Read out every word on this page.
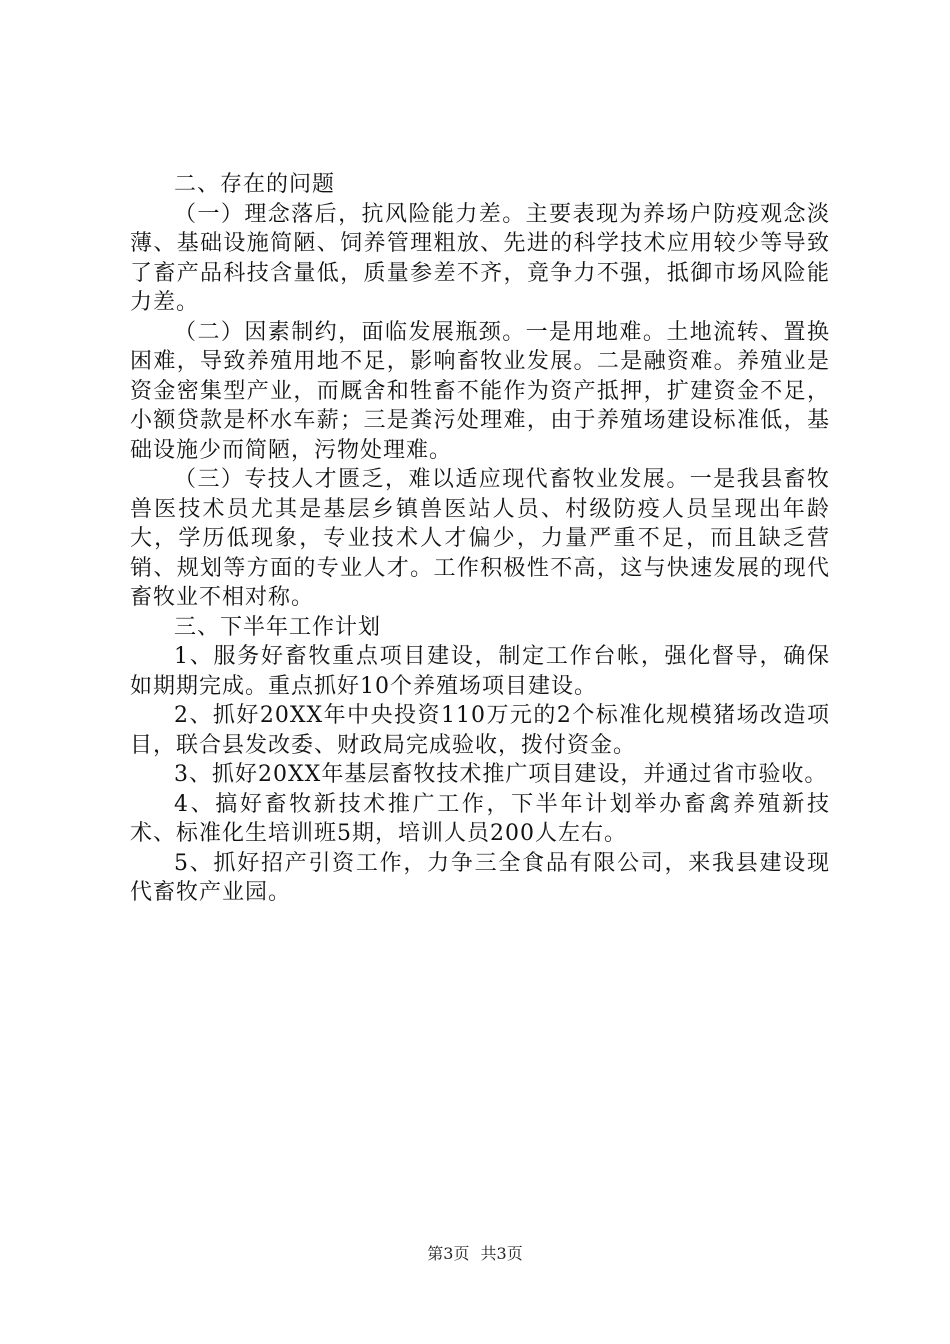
二、存在的问题

（一）理念落后，抗风险能力差。主要表现为养场户防疫观念淡薄、基础设施简陋、饲养管理粗放、先进的科学技术应用较少等导致了畜产品科技含量低，质量参差不齐，竟争力不强，抵御市场风险能力差。

（二）因素制约，面临发展瓶颈。一是用地难。土地流转、置换困难，导致养殖用地不足，影响畜牧业发展。二是融资难。养殖业是资金密集型产业，而厩舍和牲畜不能作为资产抵押，扩建资金不足，小额贷款是杯水车薪；三是粪污处理难，由于养殖场建设标准低，基础设施少而简陋，污物处理难。

（三）专技人才匮乏，难以适应现代畜牧业发展。一是我县畜牧兽医技术员尤其是基层乡镇兽医站人员、村级防疫人员呈现出年龄大，学历低现象，专业技术人才偏少，力量严重不足，而且缺乏营销、规划等方面的专业人才。工作积极性不高，这与快速发展的现代畜牧业不相对称。

三、下半年工作计划

1、服务好畜牧重点项目建设，制定工作台帐，强化督导，确保如期期完成。重点抓好10个养殖场项目建设。

2、抓好20XX年中央投资110万元的2个标准化规模猪场改造项目，联合县发改委、财政局完成验收，拨付资金。

3、抓好20XX年基层畜牧技术推广项目建设，并通过省市验收。

4、搞好畜牧新技术推广工作，下半年计划举办畜禽养殖新技术、标准化生培训班5期，培训人员200人左右。

5、抓好招产引资工作，力争三全食品有限公司，来我县建设现代畜牧产业园。

第3页 共3页
